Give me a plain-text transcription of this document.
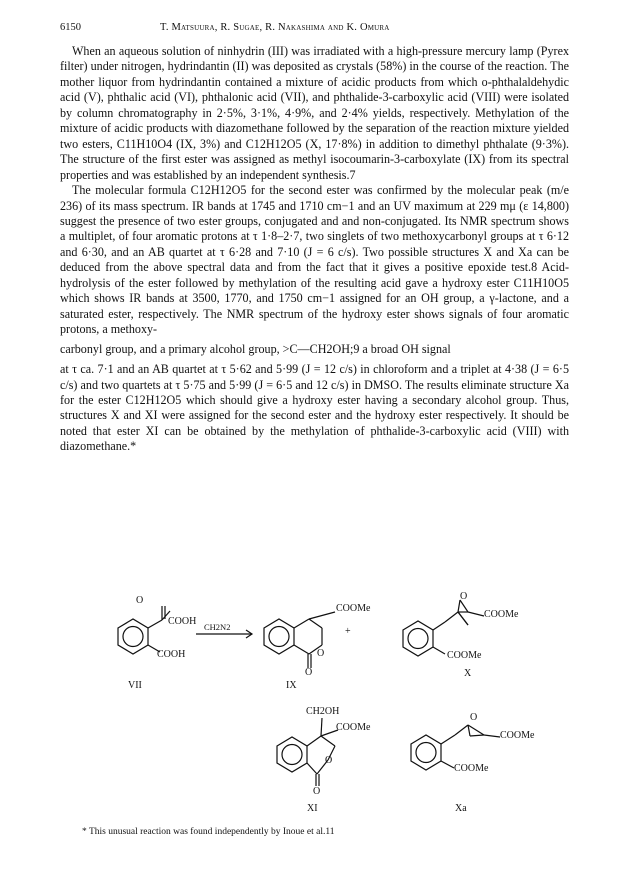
6150	T. Matsuura, R. Sugae, R. Nakashima and K. Omura

When an aqueous solution of ninhydrin (III) was irradiated with a high-pressure mercury lamp (Pyrex filter) under nitrogen, hydrindantin (II) was deposited as crystals (58%) in the course of the reaction. The mother liquor from hydrindantin contained a mixture of acidic products from which o-phthalaldehydic acid (V), phthalic acid (VI), phthalonic acid (VII), and phthalide-3-carboxylic acid (VIII) were isolated by column chromatography in 2·5%, 3·1%, 4·9%, and 2·4% yields, respectively. Methylation of the mixture of acidic products with diazomethane followed by the separation of the reaction mixture yielded two esters, C11H10O4 (IX, 3%) and C12H12O5 (X, 17·8%) in addition to dimethyl phthalate (9·3%). The structure of the first ester was assigned as methyl isocoumarin-3-carboxylate (IX) from its spectral properties and was established by an independent synthesis.7

The molecular formula C12H12O5 for the second ester was confirmed by the molecular peak (m/e 236) of its mass spectrum. IR bands at 1745 and 1710 cm−1 and an UV maximum at 229 mμ (ε 14,800) suggest the presence of two ester groups, conjugated and and non-conjugated. Its NMR spectrum shows a multiplet, of four aromatic protons at τ 1·8–2·7, two singlets of two methoxycarbonyl groups at τ 6·12 and 6·30, and an AB quartet at τ 6·28 and 7·10 (J = 6 c/s). Two possible structures X and Xa can be deduced from the above spectral data and from the fact that it gives a positive epoxide test.8 Acid-hydrolysis of the ester followed by methylation of the resulting acid gave a hydroxy ester C11H10O5 which shows IR bands at 3500, 1770, and 1750 cm−1 assigned for an OH group, a γ-lactone, and a saturated ester, respectively. The NMR spectrum of the hydroxy ester shows signals of four aromatic protons, a methoxy-

carbonyl group, and a primary alcohol group, >C—CH2OH;9 a broad OH signal

at τ ca. 7·1 and an AB quartet at τ 5·62 and 5·99 (J = 12 c/s) in chloroform and a triplet at 4·38 (J = 6·5 c/s) and two quartets at τ 5·75 and 5·99 (J = 6·5 and 12 c/s) in DMSO. The results eliminate structure Xa for the ester C12H12O5 which should give a hydroxy ester having a secondary alcohol group. Thus, structures X and XI were assigned for the second ester and the hydroxy ester respectively. It should be noted that ester XI can be obtained by the methylation of phthalide-3-carboxylic acid (VIII) with diazomethane.*

O
COOH
COOH
VII
CH2N2
COOMe
O
O
+
IX
O
COOMe
COOMe
X
CH2OH
COOMe
O
O
XI
O
COOMe
COOMe
Xa
* This unusual reaction was found independently by Inoue et al.11
